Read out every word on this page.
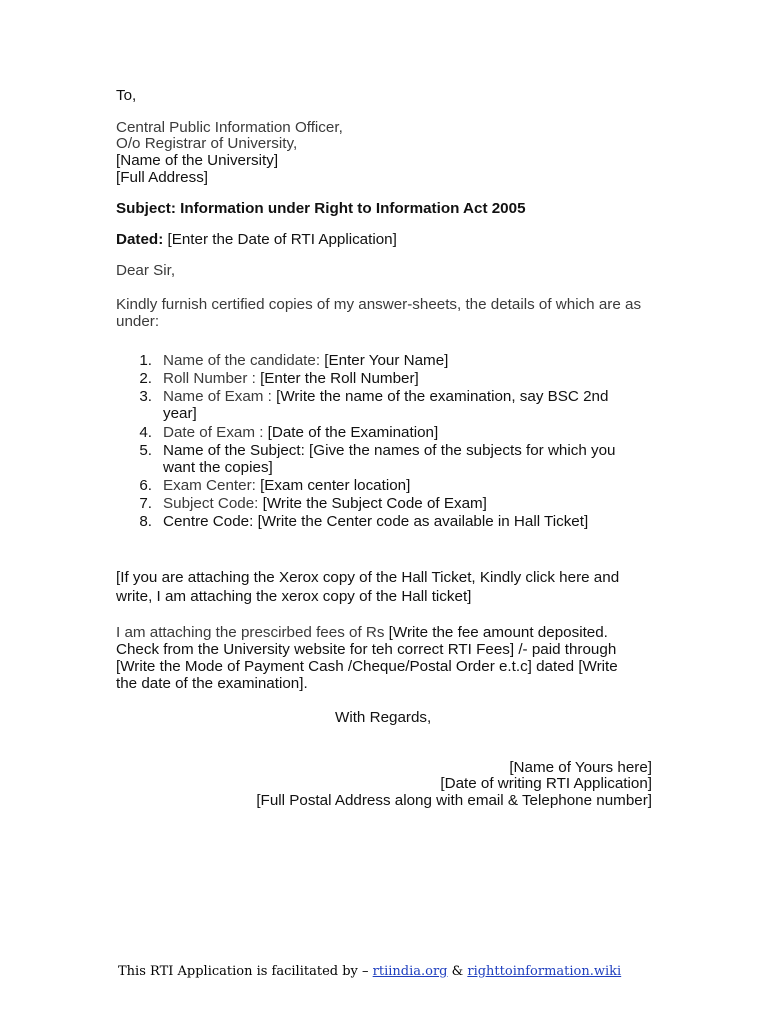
To,
Central Public Information Officer,
O/o Registrar of University,
[Name of the University]
[Full Address]
Subject: Information under Right to Information Act 2005
Dated: [Enter the Date of RTI Application]
Dear Sir,
Kindly furnish certified copies of my answer-sheets, the details of which are as
under:
1. Name of the candidate: [Enter Your Name]
2. Roll Number : [Enter the Roll Number]
3. Name of Exam : [Write the name of the examination, say BSC 2nd
year]
4. Date of Exam : [Date of the Examination]
5. Name of the Subject: [Give the names of the subjects for which you
want the copies]
6. Exam Center: [Exam center location]
7. Subject Code: [Write the Subject Code of Exam]
8. Centre Code: [Write the Center code as available in Hall Ticket]
[If you are attaching the Xerox copy of the Hall Ticket, Kindly click here and
write, I am attaching the xerox copy of the Hall ticket]
I am attaching the prescirbed fees of Rs [Write the fee amount deposited.
Check from the University website for teh correct RTI Fees] /- paid through
[Write the Mode of Payment Cash /Cheque/Postal Order e.t.c] dated [Write
the date of the examination].
With Regards,
[Name of Yours here]
[Date of writing RTI Application]
[Full Postal Address along with email & Telephone number]
This RTI Application is facilitated by – rtiindia.org & righttoinformation.wiki
